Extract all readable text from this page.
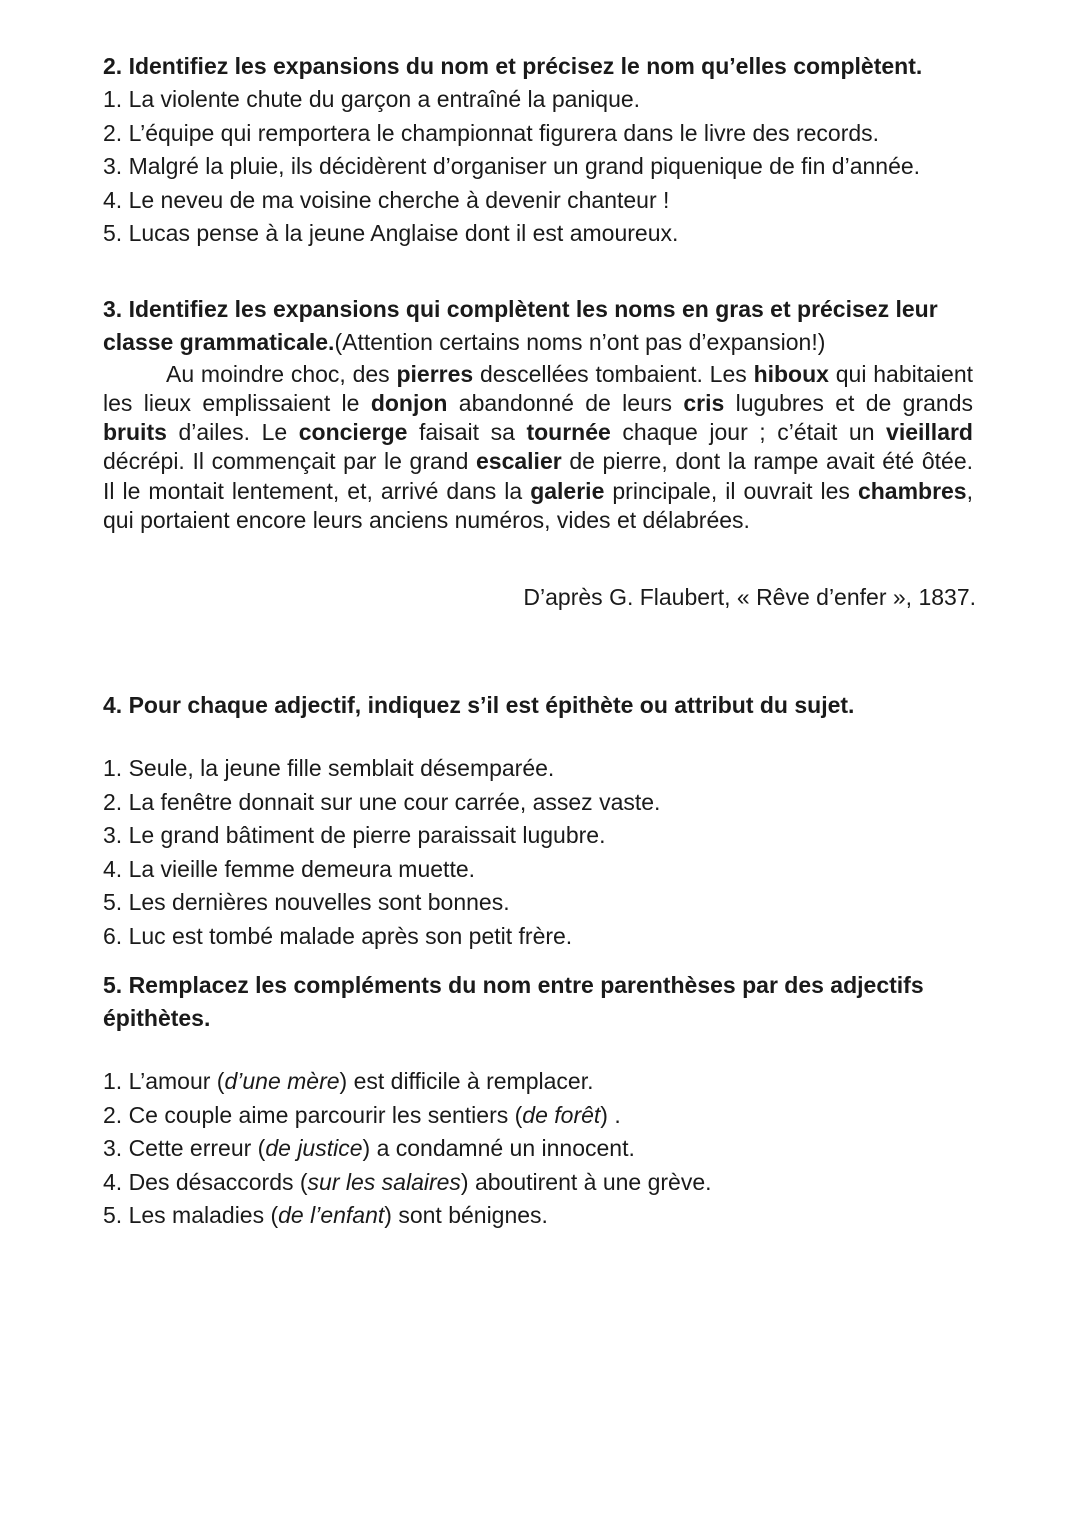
2. Identifiez les expansions du nom et précisez le nom qu’elles complètent.

1. La violente chute du garçon a entraîné la panique.

2. L’équipe qui remportera le championnat figurera dans le livre des records.

3. Malgré la pluie, ils décidèrent d’organiser un grand piquenique de fin d’année.

4. Le neveu de ma voisine cherche à devenir chanteur !

5. Lucas pense à la jeune Anglaise dont il est amoureux.

3. Identifiez les expansions qui complètent les noms en gras et précisez leur classe grammaticale.(Attention certains noms n’ont pas d’expansion!)

Au moindre choc, des pierres descellées tombaient. Les hiboux qui habitaient les lieux emplissaient le donjon abandonné de leurs cris lugubres et de grands bruits d’ailes. Le concierge faisait sa tournée chaque jour ; c’était un vieillard décrépi. Il commençait par le grand escalier de pierre, dont la rampe avait été ôtée. Il le montait lentement, et, arrivé dans la galerie principale, il ouvrait les chambres, qui portaient encore leurs anciens numéros, vides et délabrées.

D’après G. Flaubert, « Rêve d’enfer », 1837.

4. Pour chaque adjectif, indiquez s’il est épithète ou attribut du sujet.

1. Seule, la jeune fille semblait désemparée.

2. La fenêtre donnait sur une cour carrée, assez vaste.

3. Le grand bâtiment de pierre paraissait lugubre.

4. La vieille femme demeura muette.

5. Les dernières nouvelles sont bonnes.

6. Luc est tombé malade après son petit frère.

5. Remplacez les compléments du nom entre parenthèses par des adjectifs épithètes.

1. L’amour (d’une mère) est difficile à remplacer.

2. Ce couple aime parcourir les sentiers (de forêt) .

3. Cette erreur (de justice) a condamné un innocent.

4. Des désaccords (sur les salaires) aboutirent à une grève.

5. Les maladies (de l’enfant) sont bénignes.
